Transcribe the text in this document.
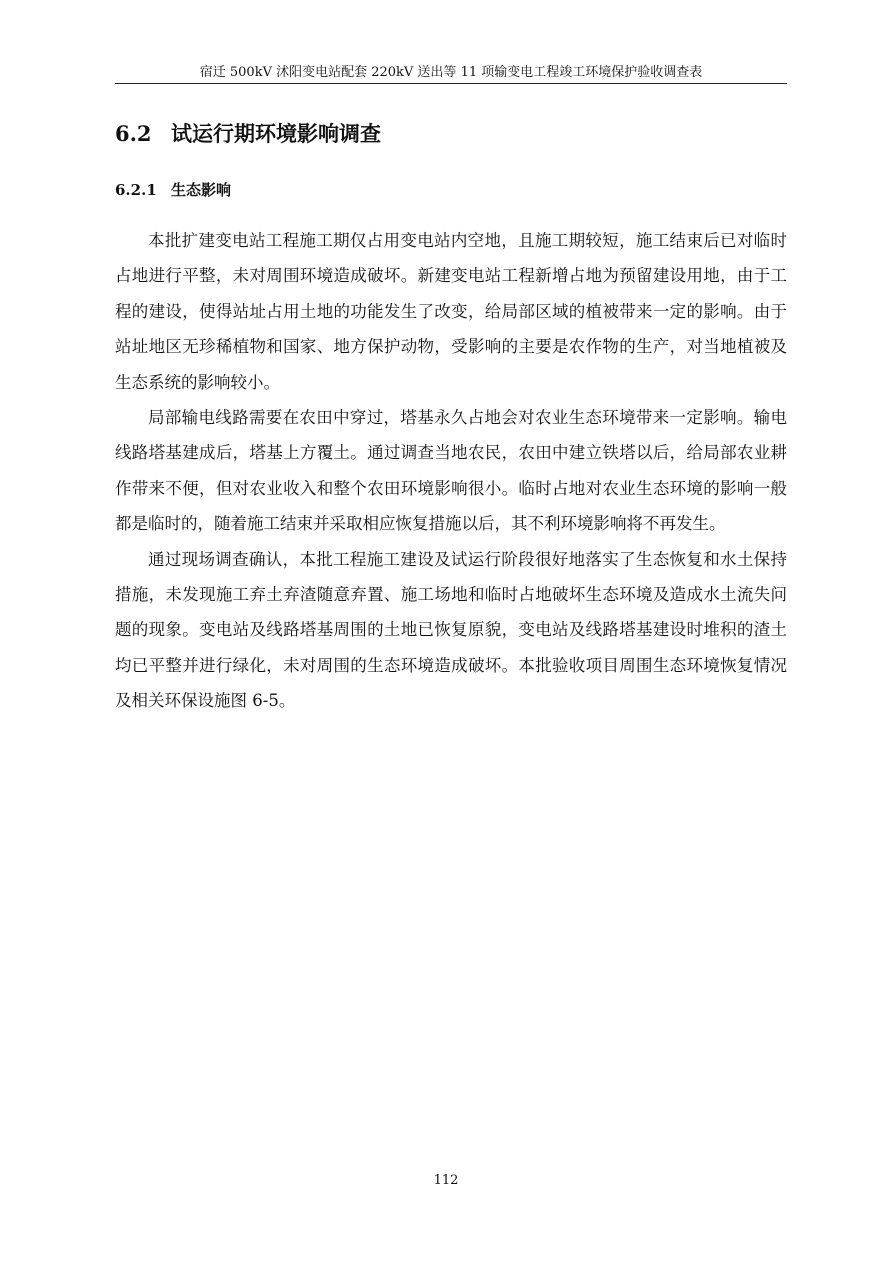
宿迁 500kV 沭阳变电站配套 220kV 送出等 11 项输变电工程竣工环境保护验收调查表
6.2 试运行期环境影响调查
6.2.1 生态影响

本批扩建变电站工程施工期仅占用变电站内空地，且施工期较短，施工结束后已对临时占地进行平整，未对周围环境造成破坏。新建变电站工程新增占地为预留建设用地，由于工程的建设，使得站址占用土地的功能发生了改变，给局部区域的植被带来一定的影响。由于站址地区无珍稀植物和国家、地方保护动物，受影响的主要是农作物的生产，对当地植被及生态系统的影响较小。

局部输电线路需要在农田中穿过，塔基永久占地会对农业生态环境带来一定影响。输电线路塔基建成后，塔基上方覆土。通过调查当地农民，农田中建立铁塔以后，给局部农业耕作带来不便，但对农业收入和整个农田环境影响很小。临时占地对农业生态环境的影响一般都是临时的，随着施工结束并采取相应恢复措施以后，其不利环境影响将不再发生。

通过现场调查确认，本批工程施工建设及试运行阶段很好地落实了生态恢复和水土保持措施，未发现施工弃土弃渣随意弃置、施工场地和临时占地破坏生态环境及造成水土流失问题的现象。变电站及线路塔基周围的土地已恢复原貌，变电站及线路塔基建设时堆积的渣土均已平整并进行绿化，未对周围的生态环境造成破坏。本批验收项目周围生态环境恢复情况及相关环保设施图 6-5。

112
